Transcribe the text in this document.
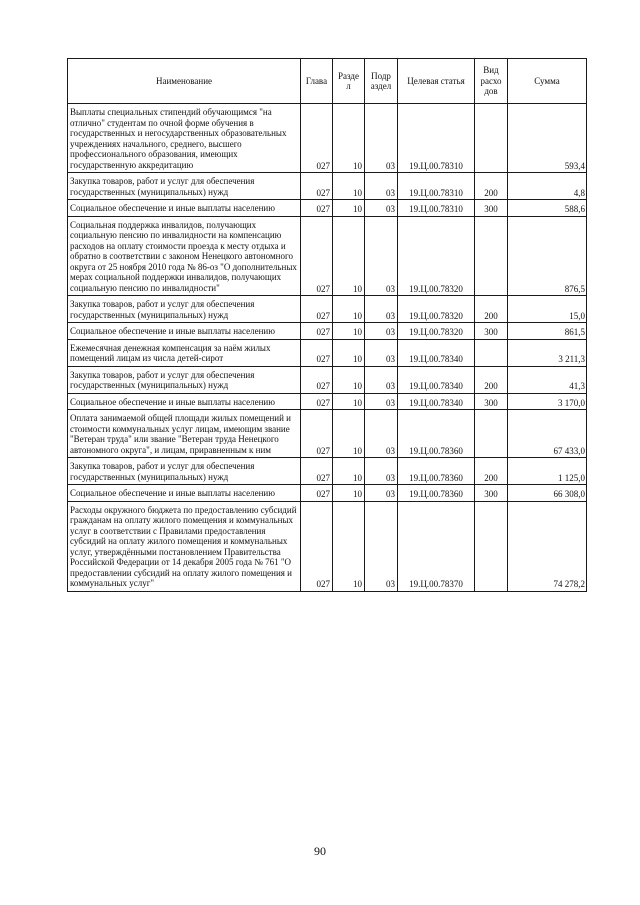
Наименование	Глава	Разде л	Подр аздел	Целевая статья	Вид расхо дов	Сумма
Выплаты специальных стипендий обучающимся "на отлично" студентам по очной форме обучения в государственных и негосударственных образовательных учреждениях начального, среднего, высшего профессионального образования, имеющих государственную аккредитацию	027	10	03	19.Ц.00.78310		593,4
Закупка товаров, работ и услуг для обеспечения государственных (муниципальных) нужд	027	10	03	19.Ц.00.78310	200	4,8
Социальное обеспечение и иные выплаты населению	027	10	03	19.Ц.00.78310	300	588,6
Социальная поддержка инвалидов, получающих социальную пенсию по инвалидности на компенсацию расходов на оплату стоимости проезда к месту отдыха и обратно в соответствии с законом Ненецкого автономного округа от 25 ноября 2010 года № 86-оз "О дополнительных мерах социальной поддержки инвалидов, получающих социальную пенсию по инвалидности"	027	10	03	19.Ц.00.78320		876,5
Закупка товаров, работ и услуг для обеспечения государственных (муниципальных) нужд	027	10	03	19.Ц.00.78320	200	15,0
Социальное обеспечение и иные выплаты населению	027	10	03	19.Ц.00.78320	300	861,5
Ежемесячная денежная компенсация за наём жилых помещений лицам из числа детей-сирот	027	10	03	19.Ц.00.78340		3 211,3
Закупка товаров, работ и услуг для обеспечения государственных (муниципальных) нужд	027	10	03	19.Ц.00.78340	200	41,3
Социальное обеспечение и иные выплаты населению	027	10	03	19.Ц.00.78340	300	3 170,0
Оплата занимаемой общей площади жилых помещений и стоимости коммунальных услуг лицам, имеющим звание "Ветеран труда" или звание "Ветеран труда Ненецкого автономного округа", и лицам, приравненным к ним	027	10	03	19.Ц.00.78360		67 433,0
Закупка товаров, работ и услуг для обеспечения государственных (муниципальных) нужд	027	10	03	19.Ц.00.78360	200	1 125,0
Социальное обеспечение и иные выплаты населению	027	10	03	19.Ц.00.78360	300	66 308,0
Расходы окружного бюджета по предоставлению субсидий гражданам на оплату жилого помещения и коммунальных услуг в соответствии с Правилами предоставления субсидий на оплату жилого помещения и коммунальных услуг, утверждёнными постановлением Правительства Российской Федерации от 14 декабря 2005 года № 761 "О предоставлении субсидий на оплату жилого помещения и коммунальных услуг"	027	10	03	19.Ц.00.78370		74 278,2
90
